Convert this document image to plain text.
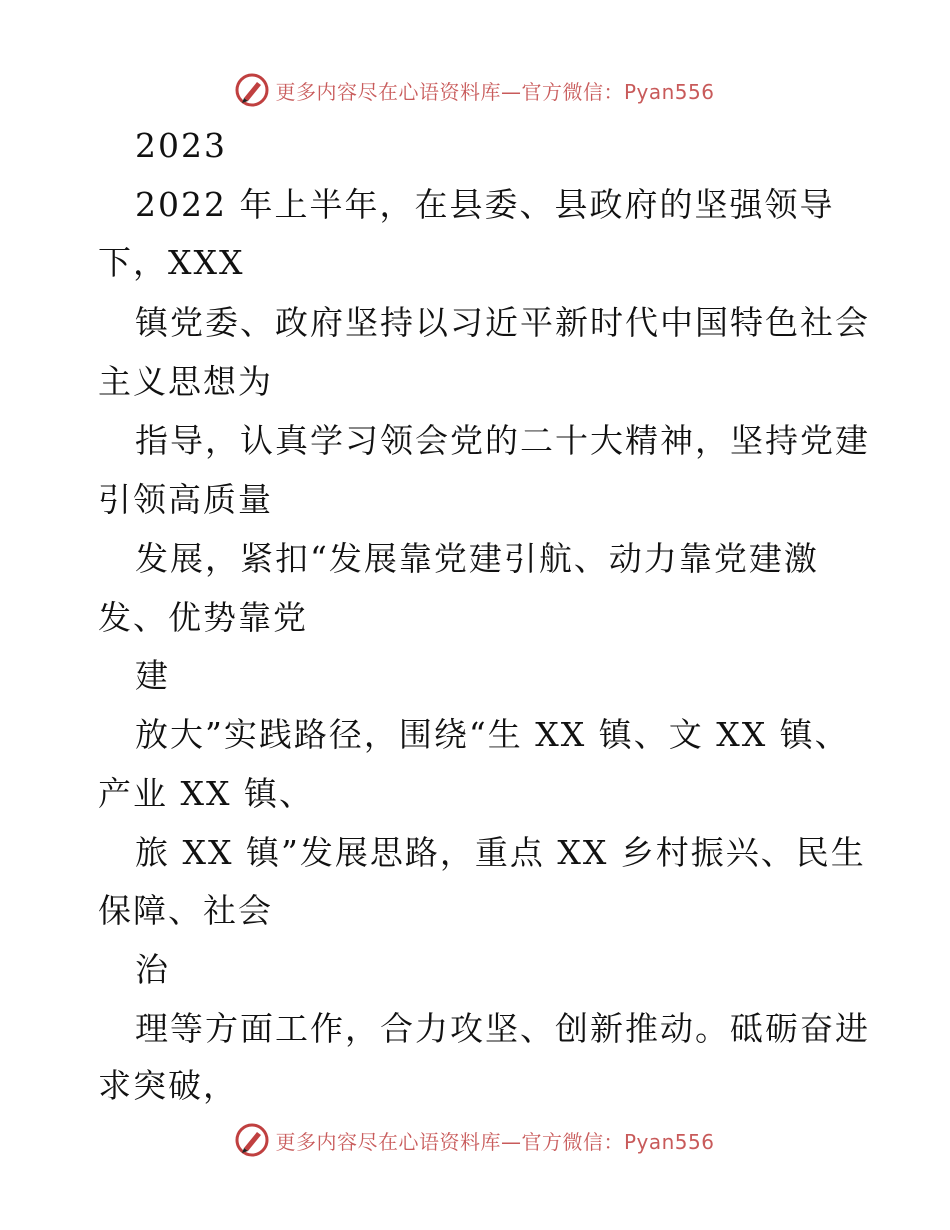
更多内容尽在心语资料库—官方微信：Pyan556
2023
2022 年上半年，在县委、县政府的坚强领导
下，XXX
镇党委、政府坚持以习近平新时代中国特色社会
主义思想为
指导，认真学习领会党的二十大精神，坚持党建
引领高质量
发展，紧扣“发展靠党建引航、动力靠党建激
发、优势靠党
建
放大”实践路径，围绕“生 XX 镇、文 XX 镇、
产业 XX 镇、
旅 XX 镇”发展思路，重点 XX 乡村振兴、民生
保障、社会
治
理等方面工作，合力攻坚、创新推动。砥砺奋进
求突破，
更多内容尽在心语资料库—官方微信：Pyan556
